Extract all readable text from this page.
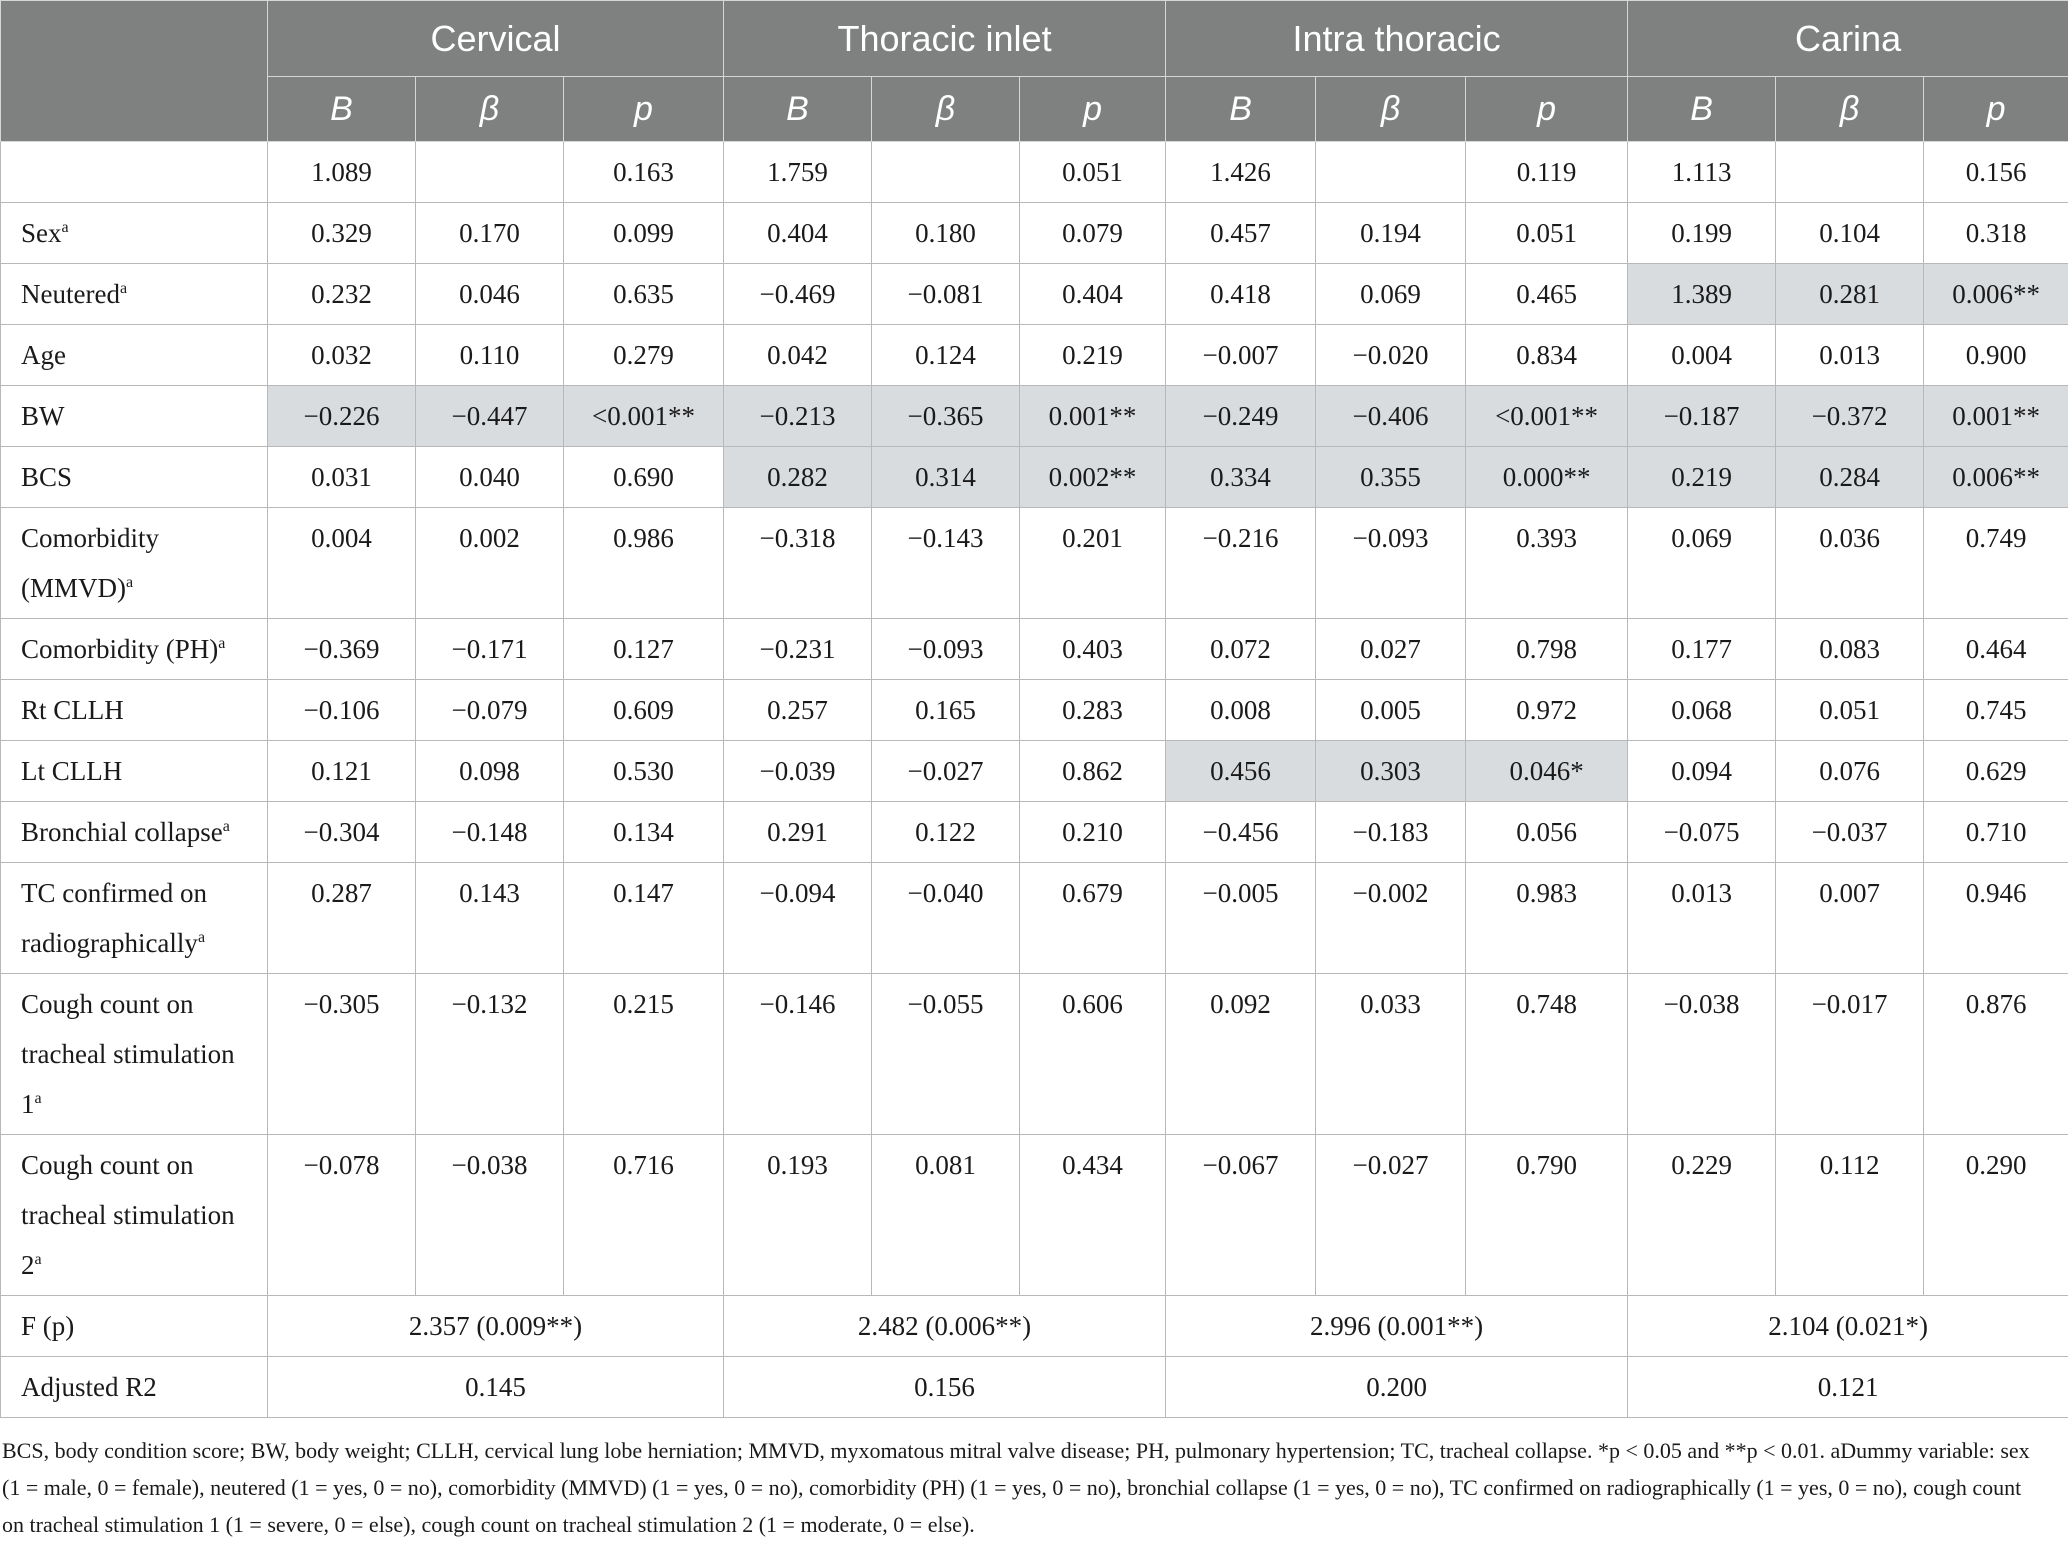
	Cervical			Thoracic inlet			Intra thoracic			Carina		
	B	β	p	B	β	p	B	β	p	B	β	p
	1.089		0.163	1.759		0.051	1.426		0.119	1.113		0.156
Sex$^a$	0.329	0.170	0.099	0.404	0.180	0.079	0.457	0.194	0.051	0.199	0.104	0.318
Neutered$^a$	0.232	0.046	0.635	−0.469	−0.081	0.404	0.418	0.069	0.465	1.389	0.281	0.006**
Age	0.032	0.110	0.279	0.042	0.124	0.219	−0.007	−0.020	0.834	0.004	0.013	0.900
BW	−0.226	−0.447	<0.001**	−0.213	−0.365	0.001**	−0.249	−0.406	<0.001**	−0.187	−0.372	0.001**
BCS	0.031	0.040	0.690	0.282	0.314	0.002**	0.334	0.355	0.000**	0.219	0.284	0.006**
Comorbidity (MMVD)$^a$	0.004	0.002	0.986	−0.318	−0.143	0.201	−0.216	−0.093	0.393	0.069	0.036	0.749
Comorbidity (PH)$^a$	−0.369	−0.171	0.127	−0.231	−0.093	0.403	0.072	0.027	0.798	0.177	0.083	0.464
Rt CLLH	−0.106	−0.079	0.609	0.257	0.165	0.283	0.008	0.005	0.972	0.068	0.051	0.745
Lt CLLH	0.121	0.098	0.530	−0.039	−0.027	0.862	0.456	0.303	0.046*	0.094	0.076	0.629
Bronchial collapse$^a$	−0.304	−0.148	0.134	0.291	0.122	0.210	−0.456	−0.183	0.056	−0.075	−0.037	0.710
TC confirmed on radiographically$^a$	0.287	0.143	0.147	−0.094	−0.040	0.679	−0.005	−0.002	0.983	0.013	0.007	0.946
Cough count on tracheal stimulation $1^a$	−0.305	−0.132	0.215	−0.146	−0.055	0.606	0.092	0.033	0.748	−0.038	−0.017	0.876
Cough count on tracheal stimulation $2^a$	−0.078	−0.038	0.716	0.193	0.081	0.434	−0.067	−0.027	0.790	0.229	0.112	0.290
F (p)	2.357 (0.009**)			2.482 (0.006**)			2.996 (0.001**)			2.104 (0.021*)		
Adjusted R2	0.145			0.156			0.200			0.121		
BCS, body condition score; BW, body weight; CLLH, cervical lung lobe herniation; MMVD, myxomatous mitral valve disease; PH, pulmonary hypertension; TC, tracheal collapse. *p < 0.05 and **p < 0.01. aDummy variable: sex (1 = male, 0 = female), neutered (1 = yes, 0 = no), comorbidity (MMVD) (1 = yes, 0 = no), comorbidity (PH) (1 = yes, 0 = no), bronchial collapse (1 = yes, 0 = no), TC confirmed on radiographically (1 = yes, 0 = no), cough count on tracheal stimulation 1 (1 = severe, 0 = else), cough count on tracheal stimulation 2 (1 = moderate, 0 = else).
